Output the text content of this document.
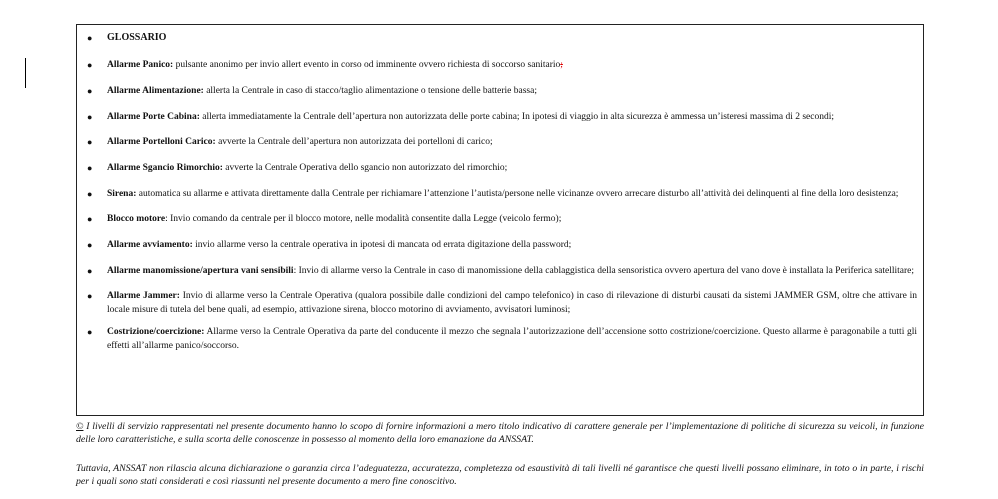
● GLOSSARIO
● Allarme Panico: pulsante anonimo per invio allert evento in corso od imminente ovvero richiesta di soccorso sanitario;
● Allarme Alimentazione: allerta la Centrale in caso di stacco/taglio alimentazione o tensione delle batterie bassa;
● Allarme Porte Cabina: allerta immediatamente la Centrale dell’apertura non autorizzata delle porte cabina; In ipotesi di viaggio in alta sicurezza è ammessa un’isteresi massima di 2 secondi;
● Allarme Portelloni Carico: avverte la Centrale dell’apertura non autorizzata dei portelloni di carico;
● Allarme Sgancio Rimorchio: avverte la Centrale Operativa dello sgancio non autorizzato del rimorchio;
● Sirena: automatica su allarme e attivata direttamente dalla Centrale per richiamare l’attenzione l’autista/persone nelle vicinanze ovvero arrecare disturbo all’attività dei delinquenti al fine della loro desistenza;
● Blocco motore: Invio comando da centrale per il blocco motore, nelle modalità consentite dalla Legge (veicolo fermo);
● Allarme avviamento: invio allarme verso la centrale operativa in ipotesi di mancata od errata digitazione della password;
● Allarme manomissione/apertura vani sensibili: Invio di allarme verso la Centrale in caso di manomissione della cablaggistica della sensoristica ovvero apertura del vano dove è installata la Periferica satellitare;
● Allarme Jammer: Invio di allarme verso la Centrale Operativa (qualora possibile dalle condizioni del campo telefonico) in caso di rilevazione di disturbi causati da sistemi JAMMER GSM, oltre che attivare in locale misure di tutela del bene quali, ad esempio, attivazione sirena, blocco motorino di avviamento, avvisatori luminosi;
● Costrizione/coercizione: Allarme verso la Centrale Operativa da parte del conducente il mezzo che segnala l’autorizzazione dell’accensione sotto costrizione/coercizione. Questo allarme è paragonabile a tutti gli effetti all’allarme panico/soccorso.

© I livelli di servizio rappresentati nel presente documento hanno lo scopo di fornire informazioni a mero titolo indicativo di carattere generale per l’implementazione di politiche di sicurezza su veicoli, in funzione delle loro caratteristiche, e sulla scorta delle conoscenze in possesso al momento della loro emanazione da ANSSAT.

Tuttavia, ANSSAT non rilascia alcuna dichiarazione o garanzia circa l’adeguatezza, accuratezza, completezza od esaustività di tali livelli né garantisce che questi livelli possano eliminare, in toto o in parte, i rischi per i quali sono stati considerati e così riassunti nel presente documento a mero fine conoscitivo.
